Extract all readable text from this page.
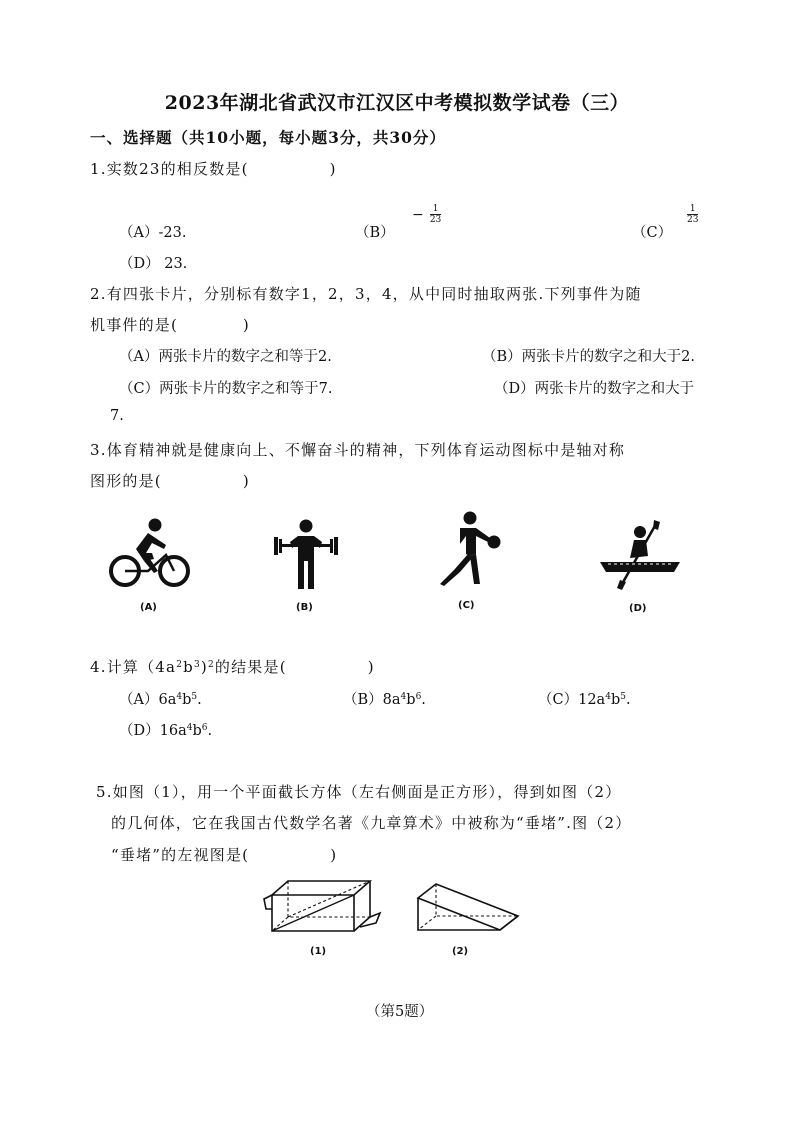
2023年湖北省武汉市江汉区中考模拟数学试卷（三）
一、选择题（共10小题，每小题3分，共30分）
1.实数23的相反数是(　　　　　)
（A）-23.	（B）
− $\frac{1}{23}$
（C）
$\frac{1}{23}$
（D） 23.
2.有四张卡片，分别标有数字1，2，3，4，从中同时抽取两张.下列事件为随
机事件的是(　　　　)
（A）两张卡片的数字之和等于2.	（B）两张卡片的数字之和大于2.
（C）两张卡片的数字之和等于7.	（D）两张卡片的数字之和大于
7.
3.体育精神就是健康向上、不懈奋斗的精神，下列体育运动图标中是轴对称
图形的是(　　　　　)
(A)	(B)	(C)	(D)
4.计算$(4a^2b^3)^2$的结果是(　　　　　)
$(A)6a^4b^5$.	$(B)8a^4b^6$.	$(C)12a^4b^5$.
$(D)16a^4b^6$.
5.如图（1），用一个平面截长方体（左右侧面是正方形），得到如图（2）
的几何体，它在我国古代数学名著《九章算术》中被称为“垂堵”.图（2）
“垂堵”的左视图是(　　　　　)
(1)	(2)
（第5题）
